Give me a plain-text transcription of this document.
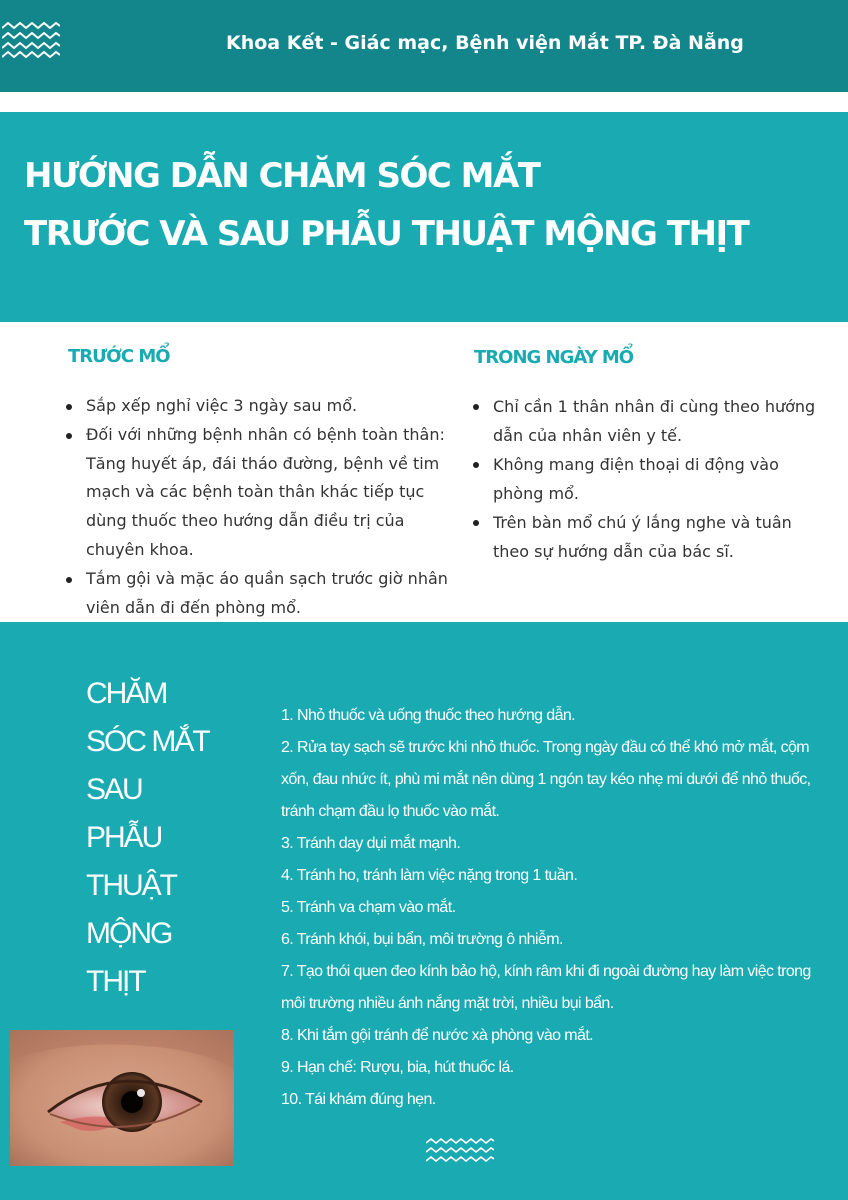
Khoa Kết - Giác mạc, Bệnh viện Mắt TP. Đà Nẵng
HƯỚNG DẪN CHĂM SÓC MẮT
TRƯỚC VÀ SAU PHẪU THUẬT MỘNG THỊT
TRƯỚC MỔ
Sắp xếp nghỉ việc 3 ngày sau mổ.
Đối với những bệnh nhân có bệnh toàn thân: Tăng huyết áp, đái tháo đường, bệnh về tim mạch và các bệnh toàn thân khác tiếp tục dùng thuốc theo hướng dẫn điều trị của chuyên khoa.
Tắm gội và mặc áo quần sạch trước giờ nhân viên dẫn đi đến phòng mổ.
TRONG NGÀY MỔ
Chỉ cần 1 thân nhân đi cùng theo hướng dẫn của nhân viên y tế.
Không mang điện thoại di động vào phòng mổ.
Trên bàn mổ chú ý lắng nghe và tuân theo sự hướng dẫn của bác sĩ.
CHĂM
SÓC MẮT
SAU
PHẪU
THUẬT
MỘNG
THỊT
1. Nhỏ thuốc và uống thuốc theo hướng dẫn.
2. Rửa tay sạch sẽ trước khi nhỏ thuốc. Trong ngày đầu có thể khó mở mắt, cộm xốn, đau nhức ít, phù mi mắt nên dùng 1 ngón tay kéo nhẹ mi dưới để nhỏ thuốc, tránh chạm đầu lọ thuốc vào mắt.
3. Tránh day dụi mắt mạnh.
4. Tránh ho, tránh làm việc nặng trong 1 tuần.
5. Tránh va chạm vào mắt.
6. Tránh khói, bụi bẩn, môi trường ô nhiễm.
7. Tạo thói quen đeo kính bảo hộ, kính râm khi đi ngoài đường hay làm việc trong môi trường nhiều ánh nắng mặt trời, nhiều bụi bẩn.
8. Khi tắm gội tránh để nước xà phòng vào mắt.
9. Hạn chế: Rượu, bia, hút thuốc lá.
10. Tái khám đúng hẹn.
